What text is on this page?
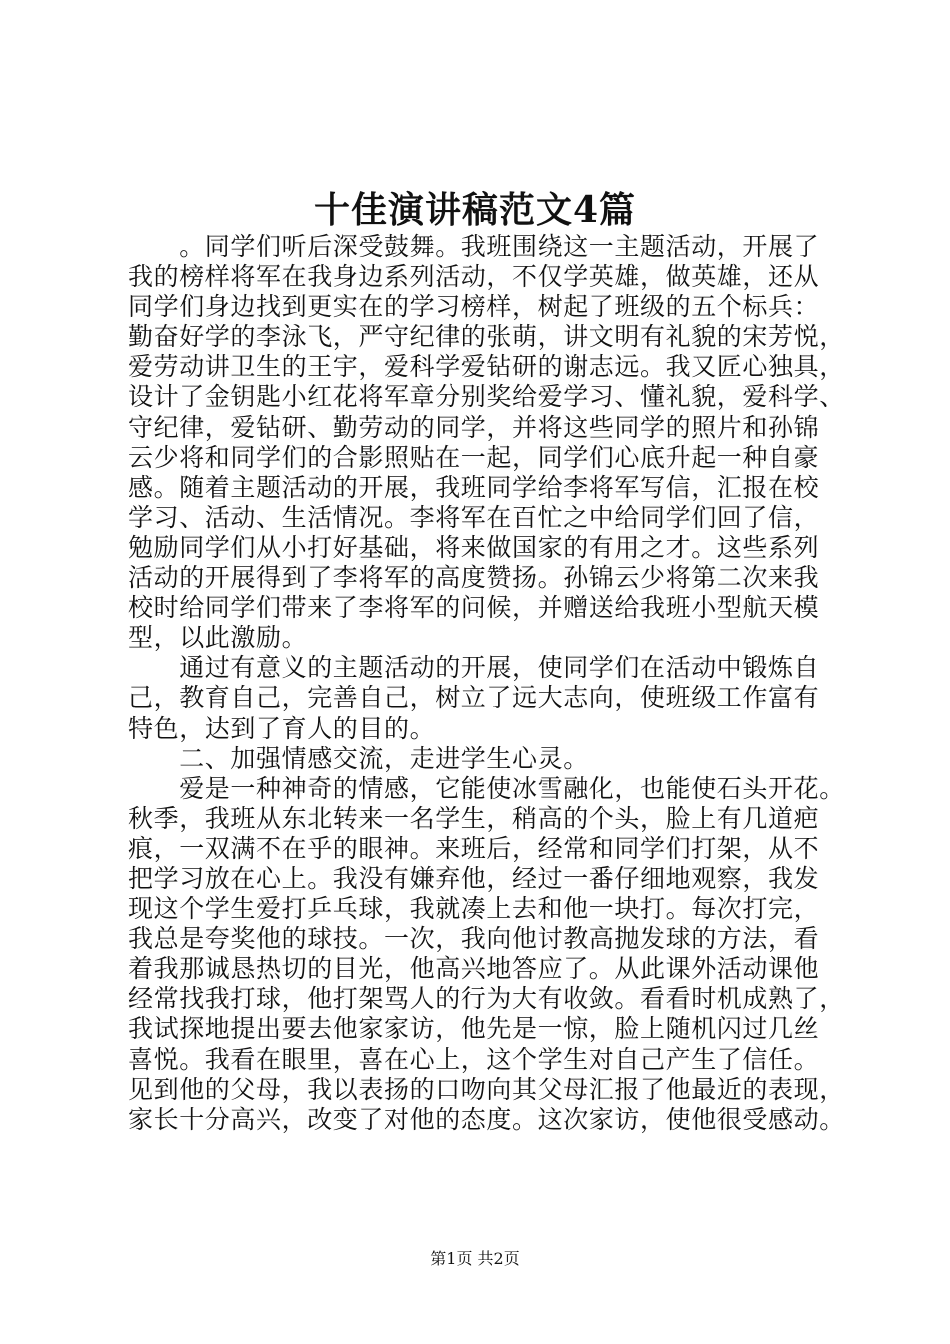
十佳演讲稿范文4篇
　　。同学们听后深受鼓舞。我班围绕这一主题活动，开展了
我的榜样将军在我身边系列活动，不仅学英雄，做英雄，还从
同学们身边找到更实在的学习榜样，树起了班级的五个标兵：
勤奋好学的李泳飞，严守纪律的张萌，讲文明有礼貌的宋芳悦，
爱劳动讲卫生的王宇，爱科学爱钻研的谢志远。我又匠心独具，
设计了金钥匙小红花将军章分别奖给爱学习、懂礼貌，爱科学、
守纪律，爱钻研、勤劳动的同学，并将这些同学的照片和孙锦
云少将和同学们的合影照贴在一起，同学们心底升起一种自豪
感。随着主题活动的开展，我班同学给李将军写信，汇报在校
学习、活动、生活情况。李将军在百忙之中给同学们回了信，
勉励同学们从小打好基础，将来做国家的有用之才。这些系列
活动的开展得到了李将军的高度赞扬。孙锦云少将第二次来我
校时给同学们带来了李将军的问候，并赠送给我班小型航天模
型，以此激励。
　　通过有意义的主题活动的开展，使同学们在活动中锻炼自
己，教育自己，完善自己，树立了远大志向，使班级工作富有
特色，达到了育人的目的。
　　二、加强情感交流，走进学生心灵。
　　爱是一种神奇的情感，它能使冰雪融化，也能使石头开花。
秋季，我班从东北转来一名学生，稍高的个头，脸上有几道疤
痕，一双满不在乎的眼神。来班后，经常和同学们打架，从不
把学习放在心上。我没有嫌弃他，经过一番仔细地观察，我发
现这个学生爱打乒乓球，我就凑上去和他一块打。每次打完，
我总是夸奖他的球技。一次，我向他讨教高抛发球的方法，看
着我那诚恳热切的目光，他高兴地答应了。从此课外活动课他
经常找我打球，他打架骂人的行为大有收敛。看看时机成熟了，
我试探地提出要去他家家访，他先是一惊，脸上随机闪过几丝
喜悦。我看在眼里，喜在心上，这个学生对自己产生了信任。
见到他的父母，我以表扬的口吻向其父母汇报了他最近的表现，
家长十分高兴，改变了对他的态度。这次家访，使他很受感动。
第1页 共2页
